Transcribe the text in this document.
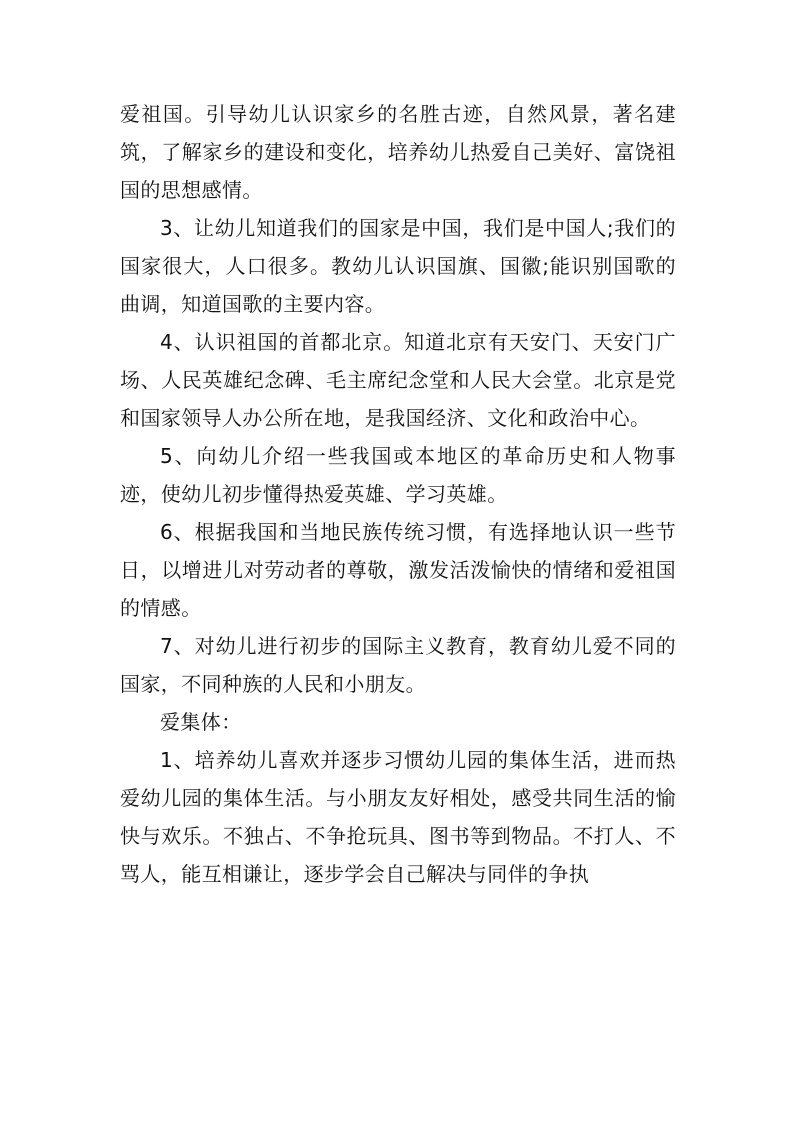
爱祖国。引导幼儿认识家乡的名胜古迹，自然风景，著名建筑，了解家乡的建设和变化，培养幼儿热爱自己美好、富饶祖国的思想感情。

3、让幼儿知道我们的国家是中国，我们是中国人;我们的国家很大，人口很多。教幼儿认识国旗、国徽;能识别国歌的曲调，知道国歌的主要内容。

4、认识祖国的首都北京。知道北京有天安门、天安门广场、人民英雄纪念碑、毛主席纪念堂和人民大会堂。北京是党和国家领导人办公所在地，是我国经济、文化和政治中心。

5、向幼儿介绍一些我国或本地区的革命历史和人物事迹，使幼儿初步懂得热爱英雄、学习英雄。

6、根据我国和当地民族传统习惯，有选择地认识一些节日，以增进儿对劳动者的尊敬，激发活泼愉快的情绪和爱祖国的情感。

7、对幼儿进行初步的国际主义教育，教育幼儿爱不同的国家，不同种族的人民和小朋友。

爱集体：

1、培养幼儿喜欢并逐步习惯幼儿园的集体生活，进而热爱幼儿园的集体生活。与小朋友友好相处，感受共同生活的愉快与欢乐。不独占、不争抢玩具、图书等到物品。不打人、不骂人，能互相谦让，逐步学会自己解决与同伴的争执
